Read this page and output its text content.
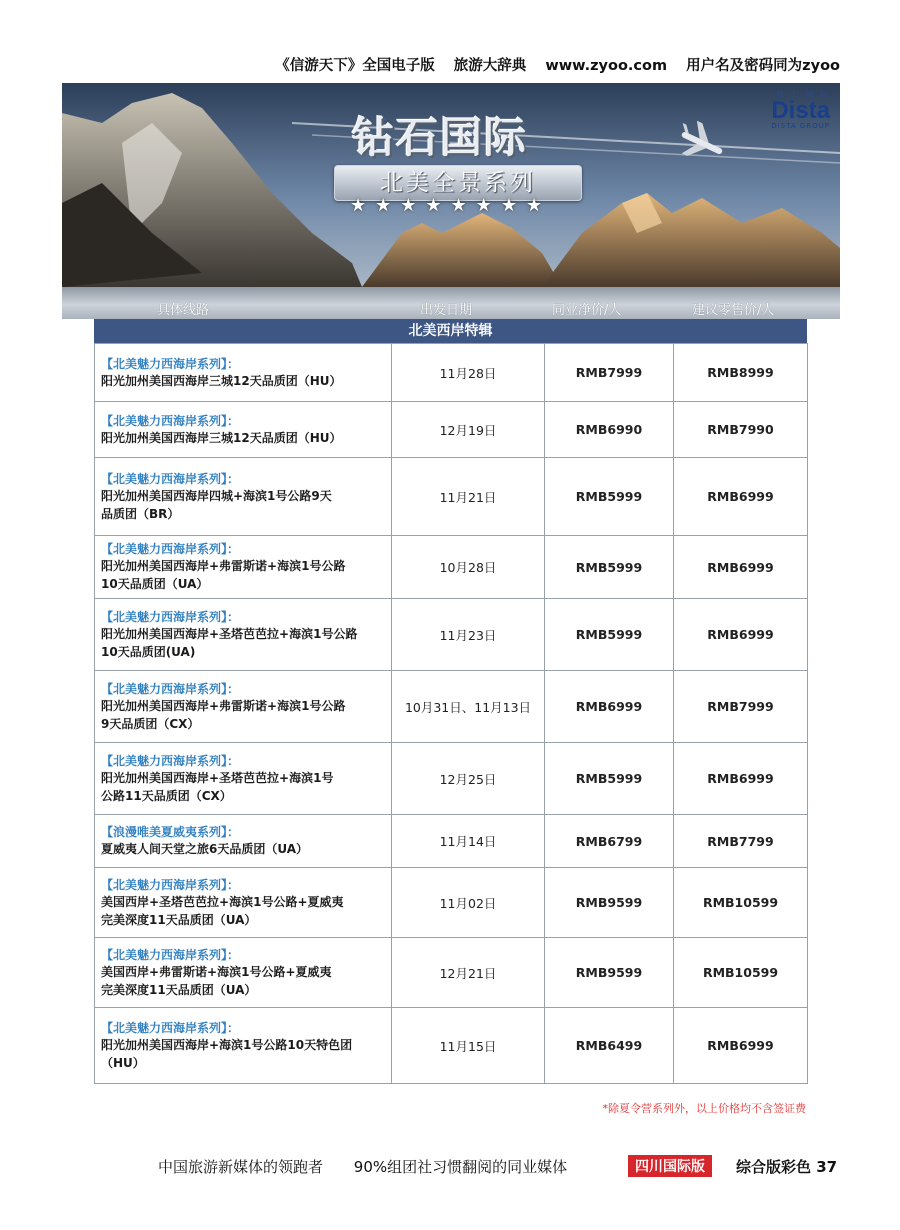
《信游天下》全国电子版 旅游大辞典 www.zyoo.com 用户名及密码同为zyoo
钻石国际
北美全景系列
★★★★★★★★
钻 石 国 际
Dista
DISTA GROUP
具体线路	出发日期	同业净价/人	建议零售价/人
北美西岸特辑
【北美魅力西海岸系列】：
阳光加州美国西海岸三城12天品质团（HU）	11月28日	RMB7999	RMB8999

【北美魅力西海岸系列】：
阳光加州美国西海岸三城12天品质团（HU）	12月19日	RMB6990	RMB7990

【北美魅力西海岸系列】：
阳光加州美国西海岸四城+海滨1号公路9天
品质团（BR）	11月21日	RMB5999	RMB6999

【北美魅力西海岸系列】：
阳光加州美国西海岸+弗雷斯诺+海滨1号公路
10天品质团（UA）	10月28日	RMB5999	RMB6999

【北美魅力西海岸系列】：
阳光加州美国西海岸+圣塔芭芭拉+海滨1号公路
10天品质团(UA)	11月23日	RMB5999	RMB6999

【北美魅力西海岸系列】：
阳光加州美国西海岸+弗雷斯诺+海滨1号公路
9天品质团（CX）	10月31日、11月13日	RMB6999	RMB7999

【北美魅力西海岸系列】：
阳光加州美国西海岸+圣塔芭芭拉+海滨1号
公路11天品质团（CX）	12月25日	RMB5999	RMB6999

【浪漫唯美夏威夷系列】：
夏威夷人间天堂之旅6天品质团（UA）	11月14日	RMB6799	RMB7799

【北美魅力西海岸系列】：
美国西岸+圣塔芭芭拉+海滨1号公路+夏威夷
完美深度11天品质团（UA）	11月02日	RMB9599	RMB10599

【北美魅力西海岸系列】：
美国西岸+弗雷斯诺+海滨1号公路+夏威夷
完美深度11天品质团（UA）	12月21日	RMB9599	RMB10599

【北美魅力西海岸系列】：
阳光加州美国西海岸+海滨1号公路10天特色团
（HU）	11月15日	RMB6499	RMB6999
*除夏令营系列外，以上价格均不含签证费
中国旅游新媒体的领跑者 90%组团社习惯翻阅的同业媒体	四川国际版	综合版彩色 37
